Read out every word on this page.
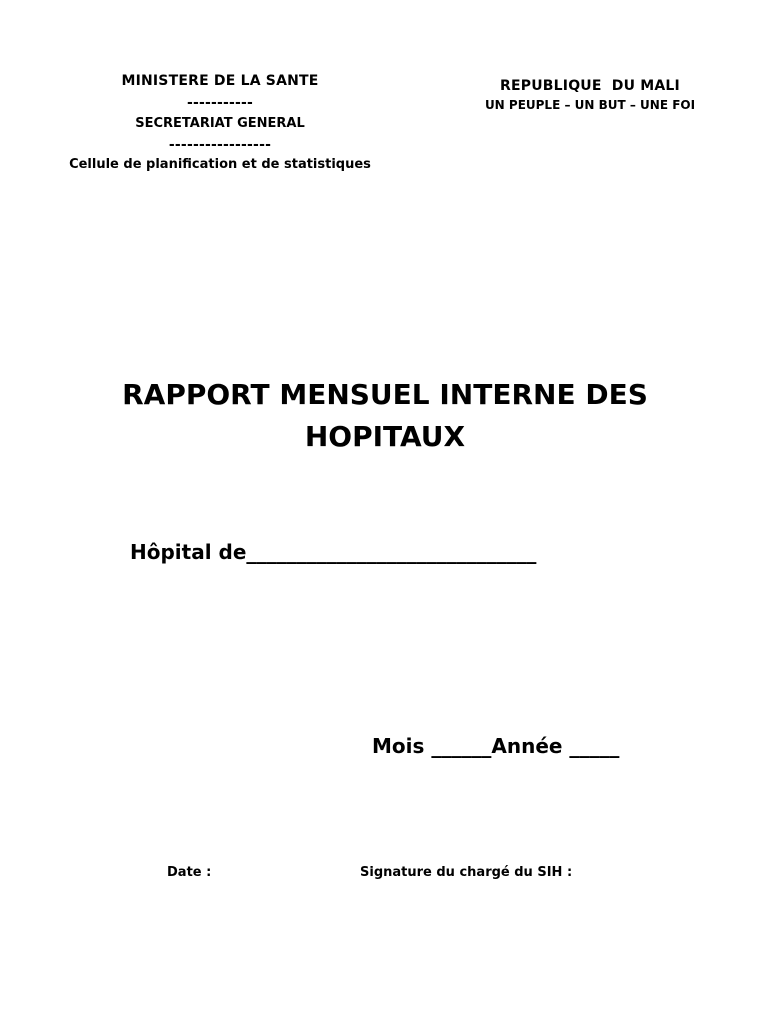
MINISTERE DE LA SANTE
-----------
SECRETARIAT GENERAL
-----------------
Cellule de planification et de statistiques
REPUBLIQUE  DU MALI
UN PEUPLE – UN BUT – UNE FOI
RAPPORT MENSUEL INTERNE DES
HOPITAUX
Hôpital de_____________________________
Mois ______Année _____
Date :	Signature du chargé du SIH :
